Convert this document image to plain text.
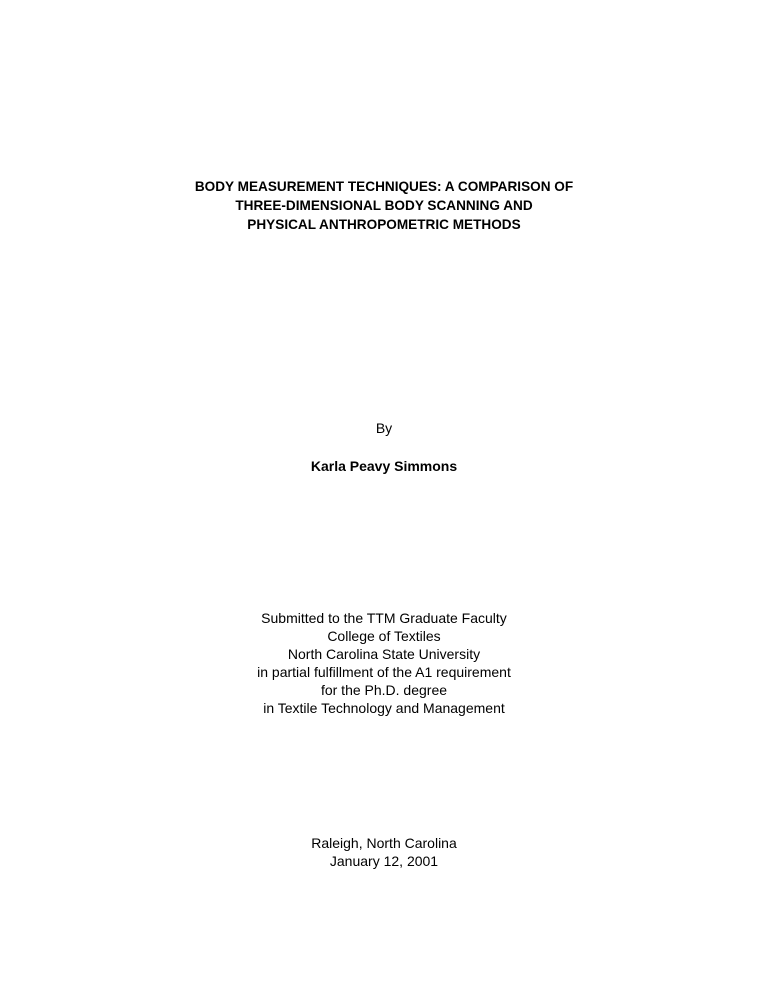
BODY MEASUREMENT TECHNIQUES: A COMPARISON OF
THREE-DIMENSIONAL BODY SCANNING AND
PHYSICAL ANTHROPOMETRIC METHODS
By
Karla Peavy Simmons
Submitted to the TTM Graduate Faculty
College of Textiles
North Carolina State University
in partial fulfillment of the A1 requirement
for the Ph.D. degree
in Textile Technology and Management
Raleigh, North Carolina
January 12, 2001
